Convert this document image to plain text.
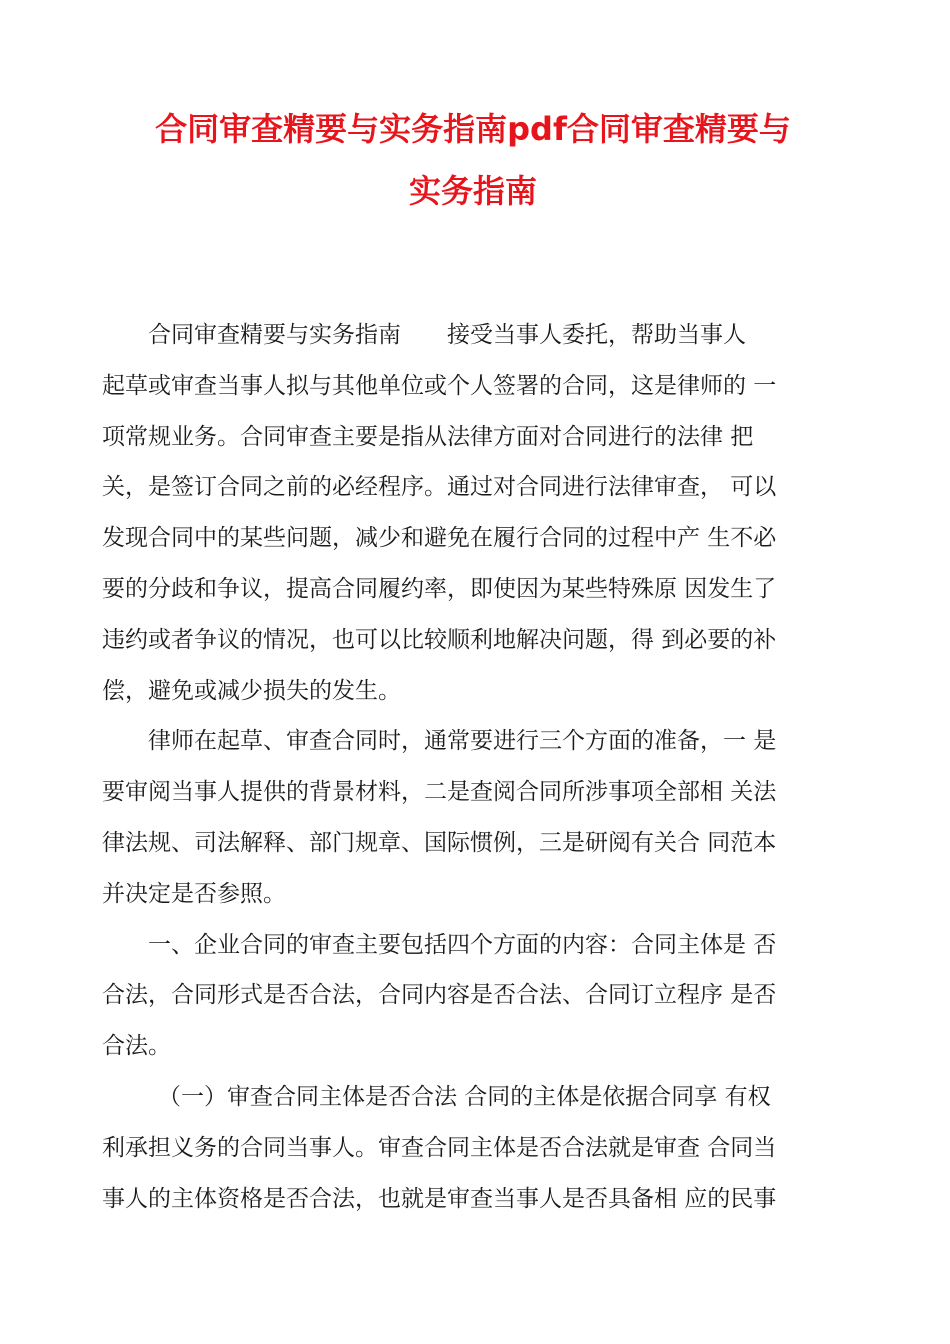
合同审查精要与实务指南pdf合同审查精要与
实务指南

合同审查精要与实务指南　　接受当事人委托，帮助当事人
起草或审查当事人拟与其他单位或个人签署的合同，这是律师的 一
项常规业务。合同审查主要是指从法律方面对合同进行的法律 把
关，是签订合同之前的必经程序。通过对合同进行法律审查， 可以
发现合同中的某些问题，减少和避免在履行合同的过程中产 生不必
要的分歧和争议，提高合同履约率，即使因为某些特殊原 因发生了
违约或者争议的情况，也可以比较顺利地解决问题，得 到必要的补
偿，避免或减少损失的发生。

律师在起草、审查合同时，通常要进行三个方面的准备，一 是
要审阅当事人提供的背景材料，二是查阅合同所涉事项全部相 关法
律法规、司法解释、部门规章、国际惯例，三是研阅有关合 同范本
并决定是否参照。

一、企业合同的审查主要包括四个方面的内容：合同主体是 否
合法，合同形式是否合法，合同内容是否合法、合同订立程序 是否
合法。

（一）审查合同主体是否合法 合同的主体是依据合同享 有权
利承担义务的合同当事人。审查合同主体是否合法就是审查 合同当
事人的主体资格是否合法，也就是审查当事人是否具备相 应的民事
